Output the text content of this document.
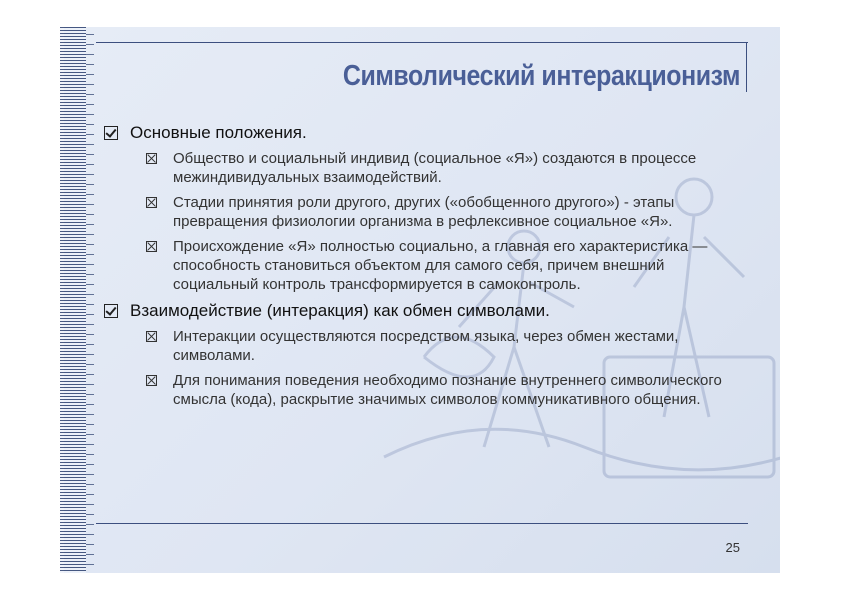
Символический интеракционизм
Основные положения.
Общество и социальный индивид (социальное «Я») создаются в процессе межиндивидуальных взаимодействий.
Стадии принятия роли другого, других («обобщенного другого») - этапы превращения физиологии организма в рефлексивное социальное «Я».
Происхождение «Я» полностью социально, а главная его характеристика — способность становиться объектом для самого себя, причем внешний социальный контроль трансформируется в самоконтроль.
Взаимодействие (интеракция) как обмен символами.
Интеракции осуществляются посредством языка, через обмен жестами, символами.
Для понимания поведения необходимо познание внутреннего символического смысла (кода), раскрытие значимых символов коммуникативного общения.
25
